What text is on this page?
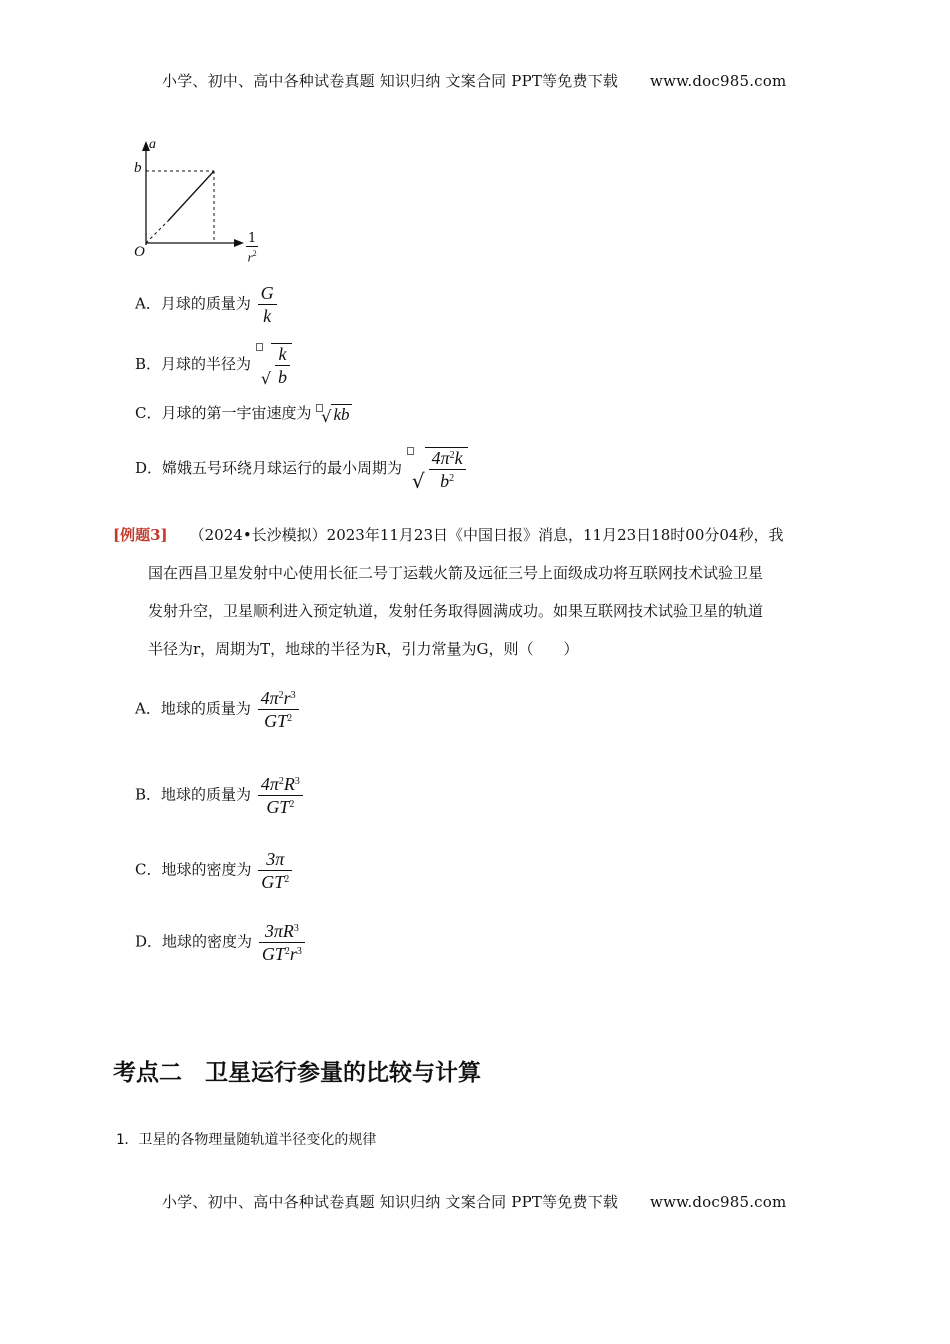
小学、初中、高中各种试卷真题 知识归纳 文案合同 PPT等免费下载 www.doc985.com
a
b
O
1
$r^2$
A．月球的质量为 $\frac{G}{k}$
B．月球的半径为
√ $\frac{k}{b}$
C．月球的第一宇宙速度为 √ kb
D．嫦娥五号环绕月球运行的最小周期为
√ $\frac{4\pi^2k}{b^2}$
[例题3] （2024•长沙模拟）2023年11月23日《中国日报》消息，11月23日18时00分04秒，我
国在西昌卫星发射中心使用长征二号丁运载火箭及远征三号上面级成功将互联网技术试验卫星
发射升空，卫星顺利进入预定轨道，发射任务取得圆满成功。如果互联网技术试验卫星的轨道
半径为r，周期为T，地球的半径为R，引力常量为G，则（　　）
A．地球的质量为 $\frac{4\pi^2r^3}{GT^2}$
B．地球的质量为 $\frac{4\pi^2R^3}{GT^2}$
C．地球的密度为 $\frac{3\pi}{GT^2}$
D．地球的密度为 $\frac{3\pi R^3}{GT^2r^3}$
考点二　卫星运行参量的比较与计算
1．卫星的各物理量随轨道半径变化的规律
小学、初中、高中各种试卷真题 知识归纳 文案合同 PPT等免费下载 www.doc985.com
